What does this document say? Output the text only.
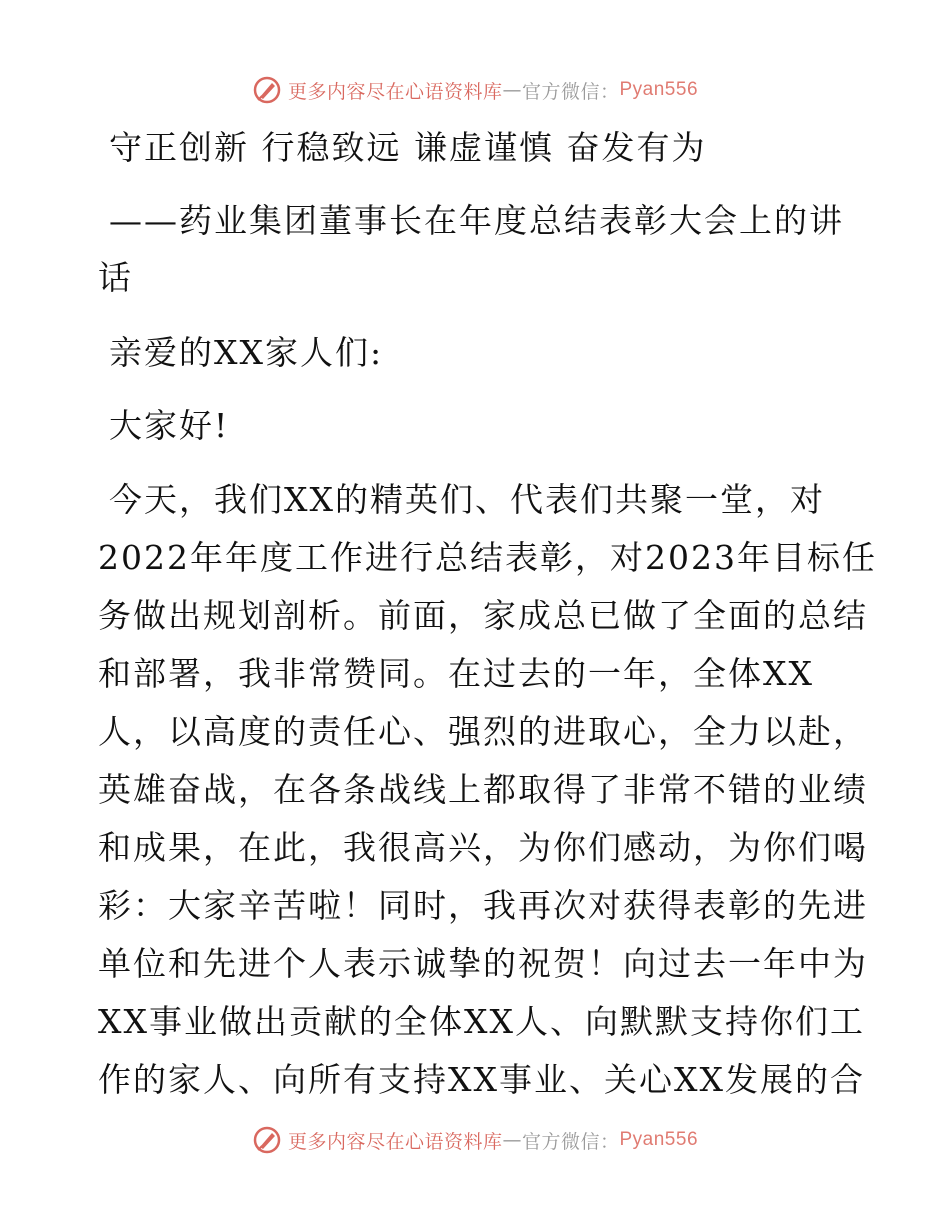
更多内容尽在心语资料库 — 官方微信： Pyan556
守正创新 行稳致远 谦虚谨慎 奋发有为
——药业集团董事长在年度总结表彰大会上的讲
话
亲爱的XX家人们:
大家好!
今天，我们XX的精英们、代表们共聚一堂，对
2022年年度工作进行总结表彰，对2023年目标任
务做出规划剖析。前面，家成总已做了全面的总结
和部署，我非常赞同。在过去的一年，全体XX
人，以高度的责任心、强烈的进取心，全力以赴，
英雄奋战，在各条战线上都取得了非常不错的业绩
和成果，在此，我很高兴，为你们感动，为你们喝
彩：大家辛苦啦！同时，我再次对获得表彰的先进
单位和先进个人表示诚挚的祝贺！向过去一年中为
XX事业做出贡献的全体XX人、向默默支持你们工
作的家人、向所有支持XX事业、关心XX发展的合
更多内容尽在心语资料库 — 官方微信： Pyan556
